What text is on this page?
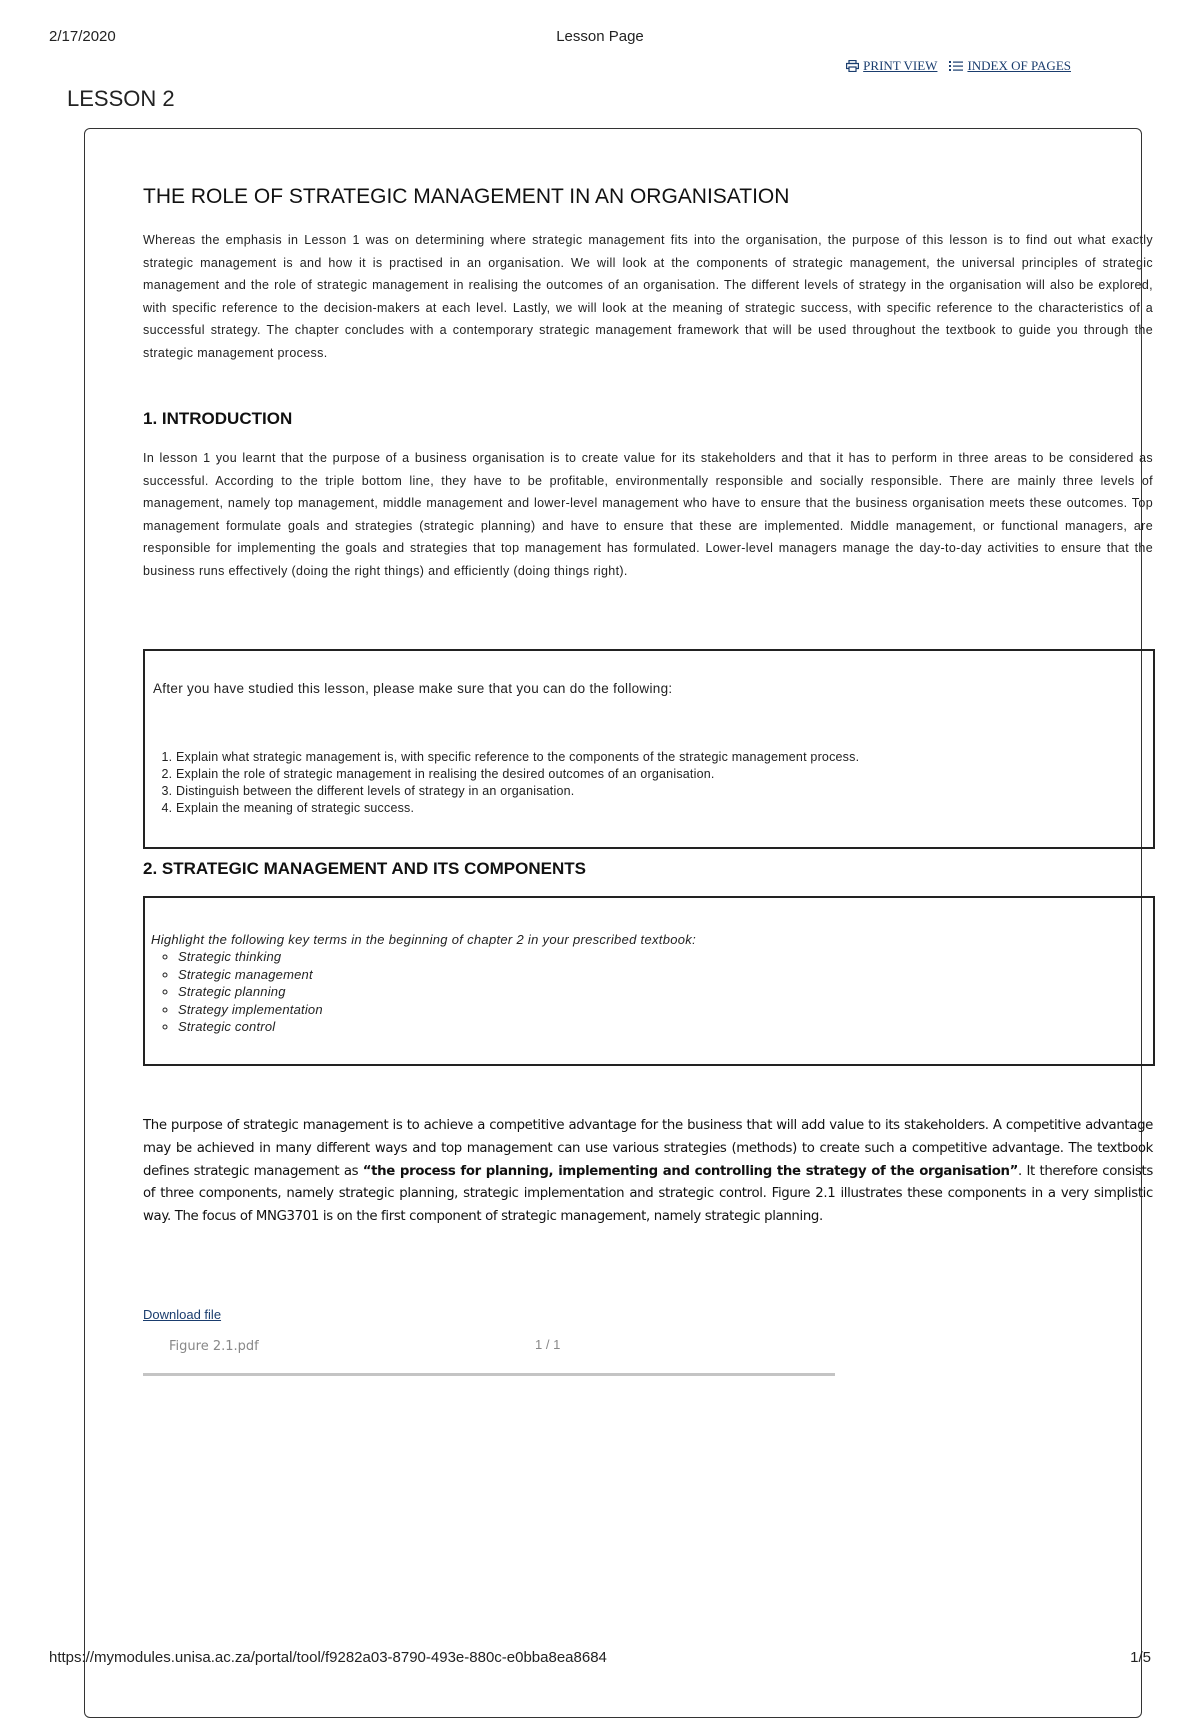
2/17/2020	Lesson Page
PRINT VIEW INDEX OF PAGES
LESSON 2
THE ROLE OF STRATEGIC MANAGEMENT IN AN ORGANISATION

Whereas the emphasis in Lesson 1 was on determining where strategic management fits into the organisation, the purpose of this lesson is to find out what exactly strategic management is and how it is practised in an organisation. We will look at the components of strategic management, the universal principles of strategic management and the role of strategic management in realising the outcomes of an organisation. The different levels of strategy in the organisation will also be explored, with specific reference to the decision-makers at each level. Lastly, we will look at the meaning of strategic success, with specific reference to the characteristics of a successful strategy. The chapter concludes with a contemporary strategic management framework that will be used throughout the textbook to guide you through the strategic management process.

1. INTRODUCTION

In lesson 1 you learnt that the purpose of a business organisation is to create value for its stakeholders and that it has to perform in three areas to be considered as successful. According to the triple bottom line, they have to be profitable, environmentally responsible and socially responsible. There are mainly three levels of management, namely top management, middle management and lower-level management who have to ensure that the business organisation meets these outcomes. Top management formulate goals and strategies (strategic planning) and have to ensure that these are implemented. Middle management, or functional managers, are responsible for implementing the goals and strategies that top management has formulated. Lower-level managers manage the day-to-day activities to ensure that the business runs effectively (doing the right things) and efficiently (doing things right).

After you have studied this lesson, please make sure that you can do the following:
1. Explain what strategic management is, with specific reference to the components of the strategic management process.
2. Explain the role of strategic management in realising the desired outcomes of an organisation.
3. Distinguish between the different levels of strategy in an organisation.
4. Explain the meaning of strategic success.
2. STRATEGIC MANAGEMENT AND ITS COMPONENTS
Highlight the following key terms in the beginning of chapter 2 in your prescribed textbook:
◦ Strategic thinking
◦ Strategic management
◦ Strategic planning
◦ Strategy implementation
◦ Strategic control

The purpose of strategic management is to achieve a competitive advantage for the business that will add value to its stakeholders. A competitive advantage may be achieved in many different ways and top management can use various strategies (methods) to create such a competitive advantage. The textbook defines strategic management as “the process for planning, implementing and controlling the strategy of the organisation”. It therefore consists of three components, namely strategic planning, strategic implementation and strategic control. Figure 2.1 illustrates these components in a very simplistic way. The focus of MNG3701 is on the first component of strategic management, namely strategic planning.

Download file
Figure 2.1.pdf	1 / 1
https://mymodules.unisa.ac.za/portal/tool/f9282a03-8790-493e-880c-e0bba8ea8684	1/5
